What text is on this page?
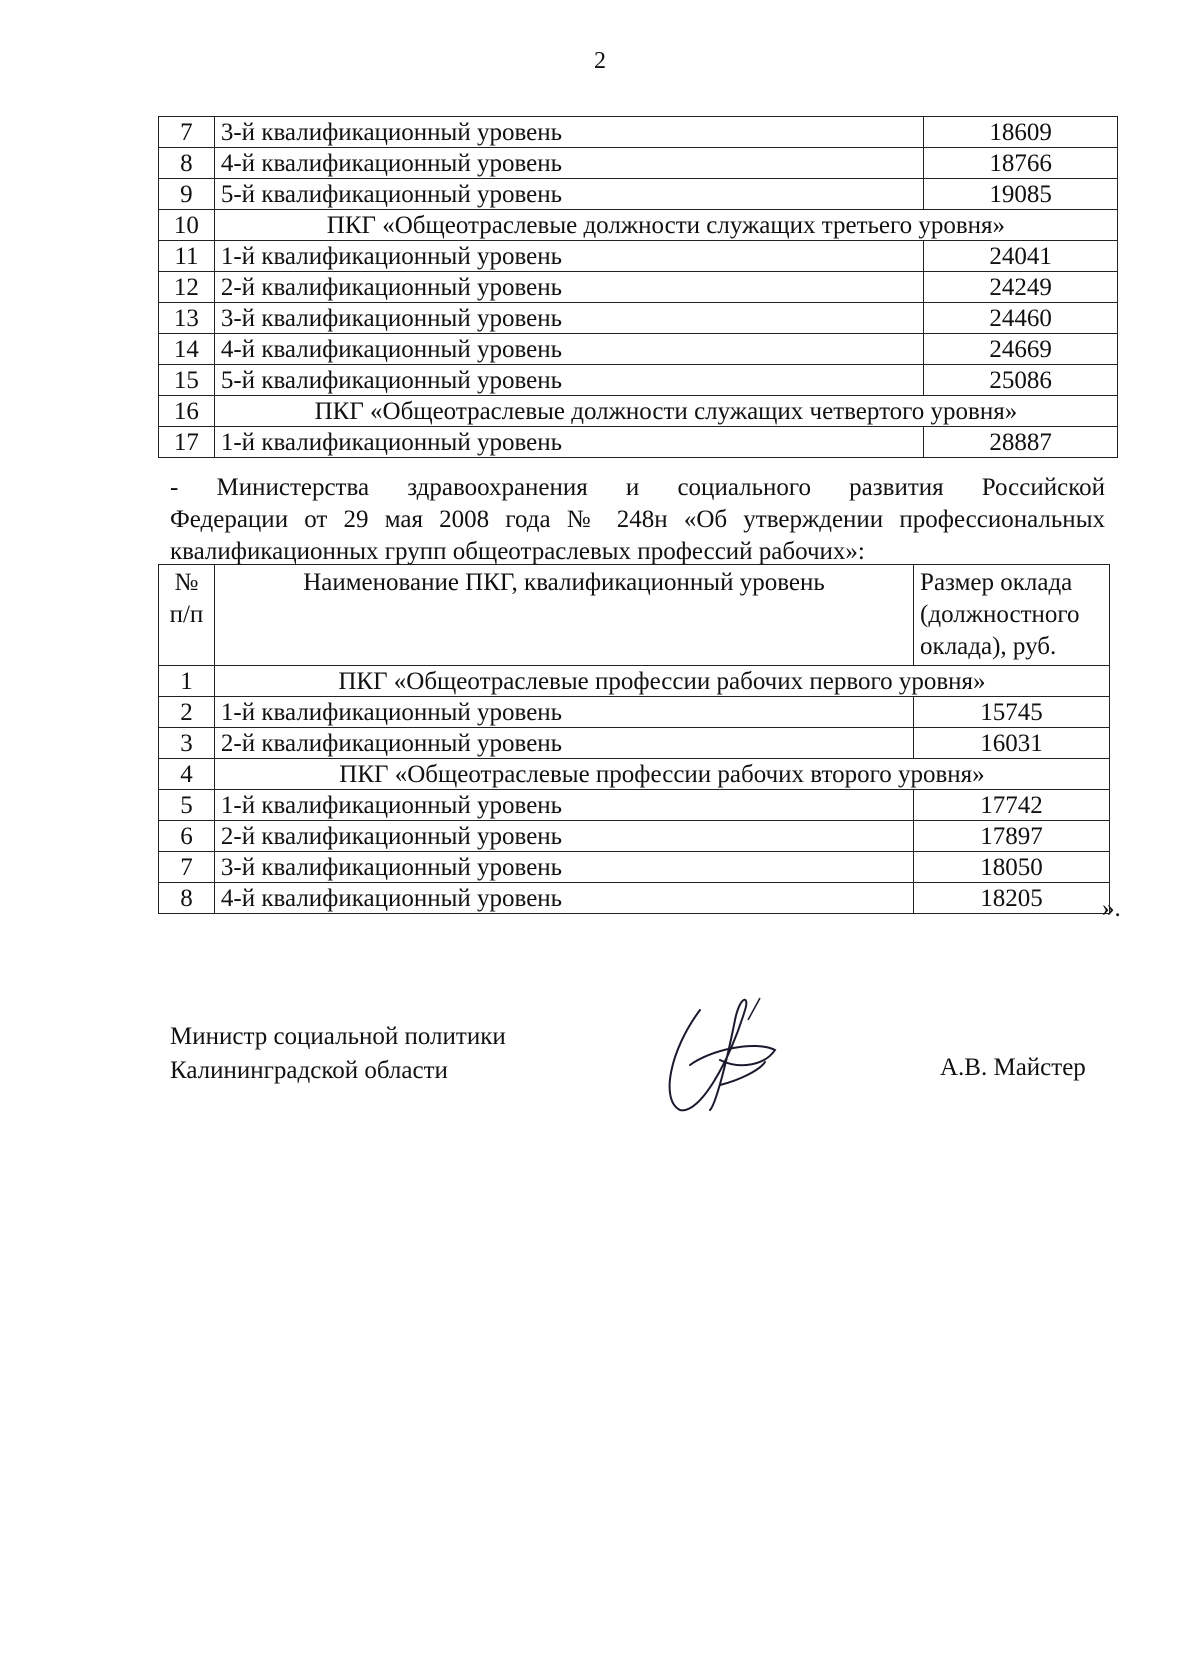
2
7	3-й квалификационный уровень	18609
8	4-й квалификационный уровень	18766
9	5-й квалификационный уровень	19085
10	ПКГ «Общеотраслевые должности служащих третьего уровня»	
11	1-й квалификационный уровень	24041
12	2-й квалификационный уровень	24249
13	3-й квалификационный уровень	24460
14	4-й квалификационный уровень	24669
15	5-й квалификационный уровень	25086
16	ПКГ «Общеотраслевые должности служащих четвертого уровня»	
17	1-й квалификационный уровень	28887
- Министерства здравоохранения и социального развития Российской
Федерации от 29 мая 2008 года № 248н «Об утверждении профессиональных
квалификационных групп общеотраслевых профессий рабочих»:
№ п/п	Наименование ПКГ, квалификационный уровень	Размер оклада (должностного оклада), руб.
1	ПКГ «Общеотраслевые профессии рабочих первого уровня»	
2	1-й квалификационный уровень	15745
3	2-й квалификационный уровень	16031
4	ПКГ «Общеотраслевые профессии рабочих второго уровня»	
5	1-й квалификационный уровень	17742
6	2-й квалификационный уровень	17897
7	3-й квалификационный уровень	18050
8	4-й квалификационный уровень	18205 ».
Министр социальной политики
Калининградской области	А.В. Майстер
